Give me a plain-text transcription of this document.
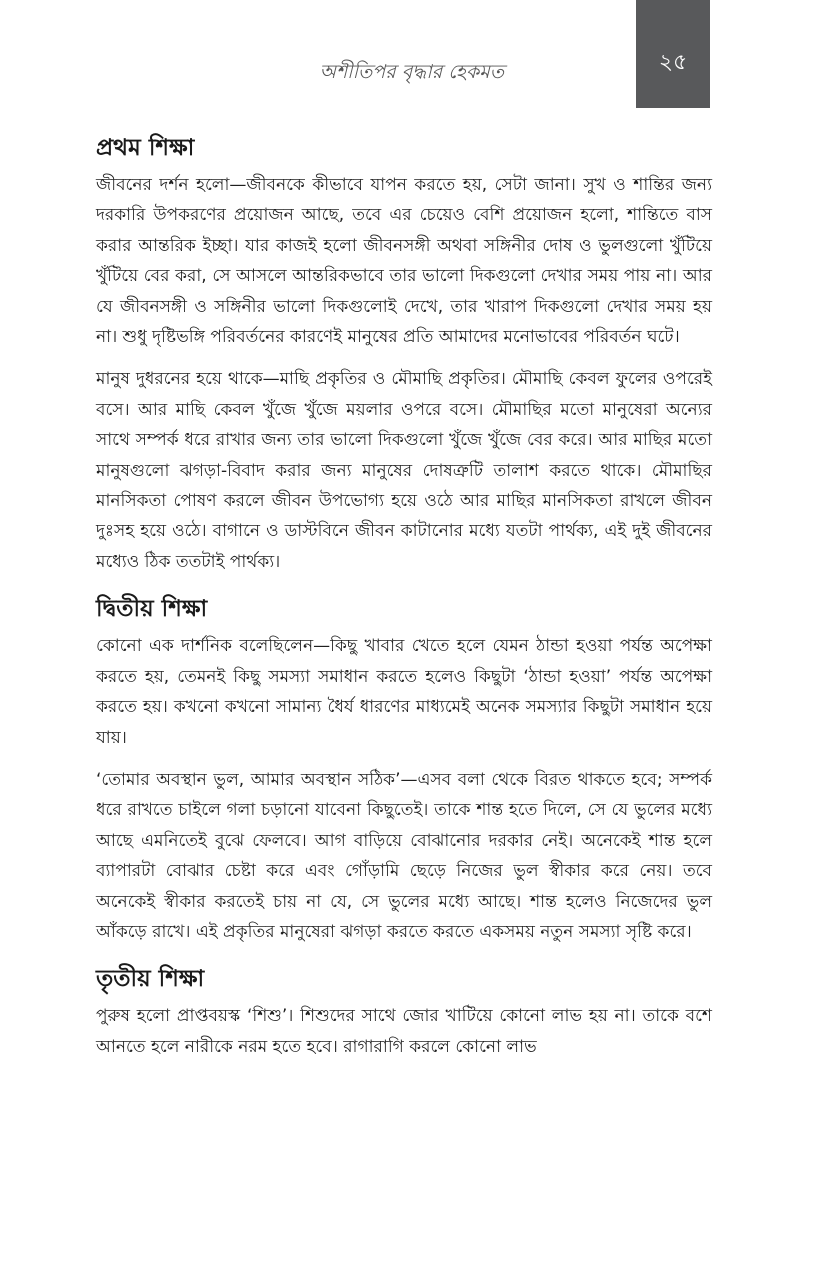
অশীতিপর বৃদ্ধার হেকমত	২৫
প্রথম শিক্ষা

জীবনের দর্শন হলো—জীবনকে কীভাবে যাপন করতে হয়, সেটা জানা। সুখ ও শান্তির জন্য দরকারি উপকরণের প্রয়োজন আছে, তবে এর চেয়েও বেশি প্রয়োজন হলো, শান্তিতে বাস করার আন্তরিক ইচ্ছা। যার কাজই হলো জীবনসঙ্গী অথবা সঙ্গিনীর দোষ ও ভুলগুলো খুঁটিয়ে খুঁটিয়ে বের করা, সে আসলে আন্তরিকভাবে তার ভালো দিকগুলো দেখার সময় পায় না। আর যে জীবনসঙ্গী ও সঙ্গিনীর ভালো দিকগুলোই দেখে, তার খারাপ দিকগুলো দেখার সময় হয় না। শুধু দৃষ্টিভঙ্গি পরিবর্তনের কারণেই মানুষের প্রতি আমাদের মনোভাবের পরিবর্তন ঘটে।

মানুষ দুধরনের হয়ে থাকে—মাছি প্রকৃতির ও মৌমাছি প্রকৃতির। মৌমাছি কেবল ফুলের ওপরেই বসে। আর মাছি কেবল খুঁজে খুঁজে ময়লার ওপরে বসে। মৌমাছির মতো মানুষেরা অন্যের সাথে সম্পর্ক ধরে রাখার জন্য তার ভালো দিকগুলো খুঁজে খুঁজে বের করে। আর মাছির মতো মানুষগুলো ঝগড়া-বিবাদ করার জন্য মানুষের দোষত্রুটি তালাশ করতে থাকে। মৌমাছির মানসিকতা পোষণ করলে জীবন উপভোগ্য হয়ে ওঠে আর মাছির মানসিকতা রাখলে জীবন দুঃসহ হয়ে ওঠে। বাগানে ও ডাস্টবিনে জীবন কাটানোর মধ্যে যতটা পার্থক্য, এই দুই জীবনের মধ্যেও ঠিক ততটাই পার্থক্য।

দ্বিতীয় শিক্ষা

কোনো এক দার্শনিক বলেছিলেন—কিছু খাবার খেতে হলে যেমন ঠান্ডা হওয়া পর্যন্ত অপেক্ষা করতে হয়, তেমনই কিছু সমস্যা সমাধান করতে হলেও কিছুটা ‘ঠান্ডা হওয়া’ পর্যন্ত অপেক্ষা করতে হয়। কখনো কখনো সামান্য ধৈর্য ধারণের মাধ্যমেই অনেক সমস্যার কিছুটা সমাধান হয়ে যায়।

‘তোমার অবস্থান ভুল, আমার অবস্থান সঠিক’—এসব বলা থেকে বিরত থাকতে হবে; সম্পর্ক ধরে রাখতে চাইলে গলা চড়ানো যাবেনা কিছুতেই। তাকে শান্ত হতে দিলে, সে যে ভুলের মধ্যে আছে এমনিতেই বুঝে ফেলবে। আগ বাড়িয়ে বোঝানোর দরকার নেই। অনেকেই শান্ত হলে ব্যাপারটা বোঝার চেষ্টা করে এবং গোঁড়ামি ছেড়ে নিজের ভুল স্বীকার করে নেয়। তবে অনেকেই স্বীকার করতেই চায় না যে, সে ভুলের মধ্যে আছে। শান্ত হলেও নিজেদের ভুল আঁকড়ে রাখে। এই প্রকৃতির মানুষেরা ঝগড়া করতে করতে একসময় নতুন সমস্যা সৃষ্টি করে।

তৃতীয় শিক্ষা

পুরুষ হলো প্রাপ্তবয়স্ক ‘শিশু’। শিশুদের সাথে জোর খাটিয়ে কোনো লাভ হয় না। তাকে বশে আনতে হলে নারীকে নরম হতে হবে। রাগারাগি করলে কোনো লাভ
